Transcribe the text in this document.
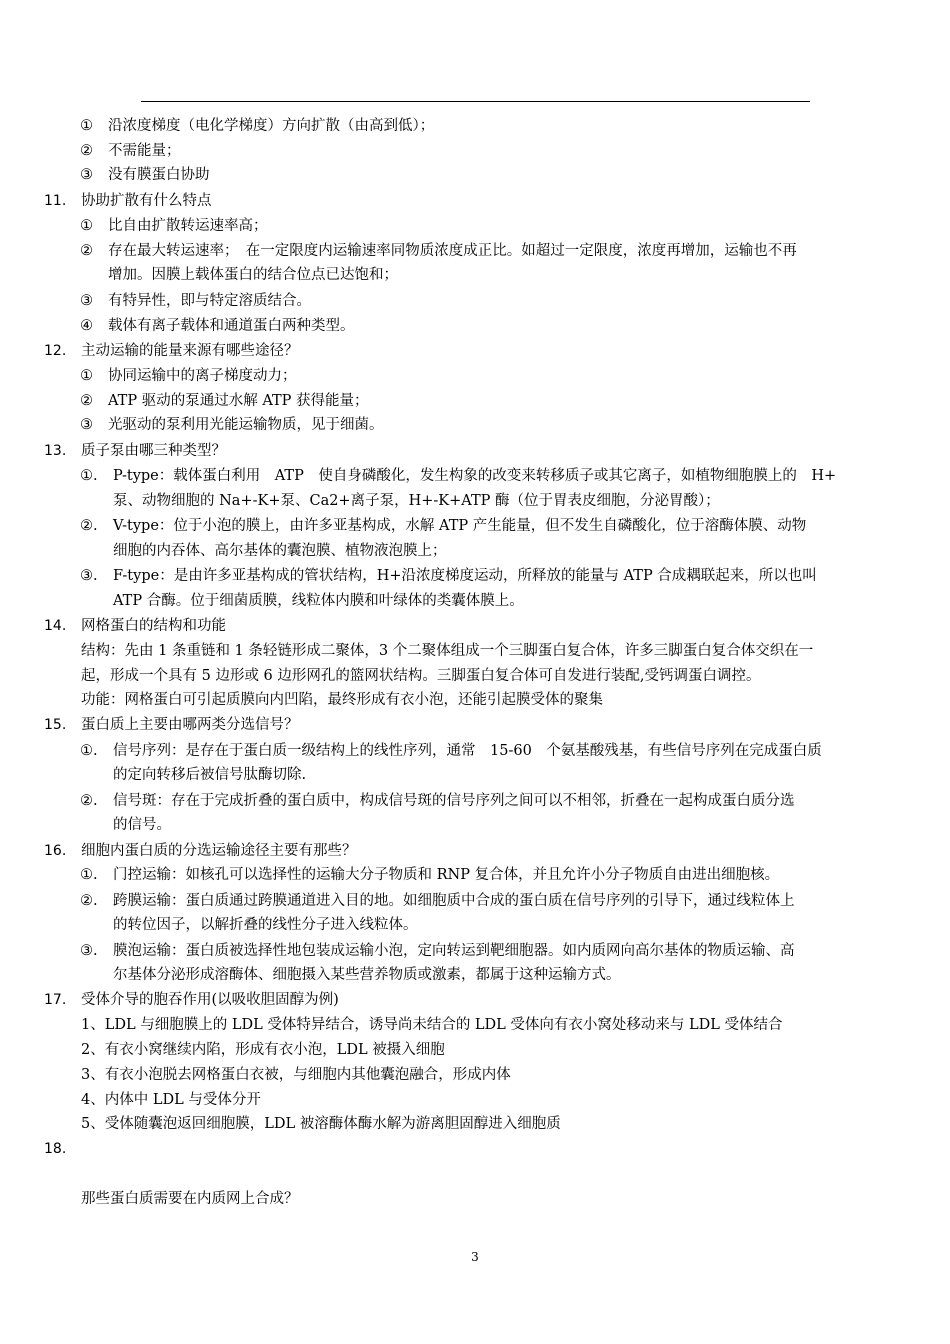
① 沿浓度梯度（电化学梯度）方向扩散（由高到低）；
② 不需能量；
③ 没有膜蛋白协助
11.	协助扩散有什么特点
① 比自由扩散转运速率高；
② 存在最大转运速率；　在一定限度内运输速率同物质浓度成正比。如超过一定限度，浓度再增加，运输也不再
增加。因膜上载体蛋白的结合位点已达饱和；
③ 有特异性，即与特定溶质结合。
④ 载体有离子载体和通道蛋白两种类型。
12.	主动运输的能量来源有哪些途径？
① 协同运输中的离子梯度动力；
② ATP 驱动的泵通过水解 ATP 获得能量；
③ 光驱动的泵利用光能运输物质，见于细菌。
13.	质子泵由哪三种类型？
①. P-type：载体蛋白利用　ATP　使自身磷酸化，发生构象的改变来转移质子或其它离子，如植物细胞膜上的　H+
泵、动物细胞的 Na+-K+泵、Ca2+离子泵，H+-K+ATP 酶（位于胃表皮细胞，分泌胃酸）；
②. V-type：位于小泡的膜上，由许多亚基构成，水解 ATP 产生能量，但不发生自磷酸化，位于溶酶体膜、动物
细胞的内吞体、高尔基体的囊泡膜、植物液泡膜上；
③. F-type：是由许多亚基构成的管状结构，H+沿浓度梯度运动，所释放的能量与 ATP 合成耦联起来，所以也叫
ATP 合酶。位于细菌质膜，线粒体内膜和叶绿体的类囊体膜上。
14.	网格蛋白的结构和功能
结构：先由 1 条重链和 1 条轻链形成二聚体，3 个二聚体组成一个三脚蛋白复合体，许多三脚蛋白复合体交织在一
起，形成一个具有 5 边形或 6 边形网孔的篮网状结构。三脚蛋白复合体可自发进行装配,受钙调蛋白调控。
功能：网格蛋白可引起质膜向内凹陷，最终形成有衣小泡，还能引起膜受体的聚集
15.	蛋白质上主要由哪两类分选信号？
①. 信号序列：是存在于蛋白质一级结构上的线性序列，通常　15-60　个氨基酸残基，有些信号序列在完成蛋白质
的定向转移后被信号肽酶切除.
②. 信号斑：存在于完成折叠的蛋白质中，构成信号斑的信号序列之间可以不相邻，折叠在一起构成蛋白质分选
的信号。
16.	细胞内蛋白质的分选运输途径主要有那些？
①. 门控运输：如核孔可以选择性的运输大分子物质和 RNP 复合体，并且允许小分子物质自由进出细胞核。
②. 跨膜运输：蛋白质通过跨膜通道进入目的地。如细胞质中合成的蛋白质在信号序列的引导下，通过线粒体上
的转位因子，以解折叠的线性分子进入线粒体。
③. 膜泡运输：蛋白质被选择性地包装成运输小泡，定向转运到靶细胞器。如内质网向高尔基体的物质运输、高
尔基体分泌形成溶酶体、细胞摄入某些营养物质或激素，都属于这种运输方式。
17.	受体介导的胞吞作用(以吸收胆固醇为例)
1、LDL 与细胞膜上的 LDL 受体特异结合，诱导尚未结合的 LDL 受体向有衣小窝处移动来与 LDL 受体结合
2、有衣小窝继续内陷，形成有衣小泡，LDL 被摄入细胞
3、有衣小泡脱去网格蛋白衣被，与细胞内其他囊泡融合，形成内体
4、内体中 LDL 与受体分开
5、受体随囊泡返回细胞膜，LDL 被溶酶体酶水解为游离胆固醇进入细胞质
18.
那些蛋白质需要在内质网上合成？
3
